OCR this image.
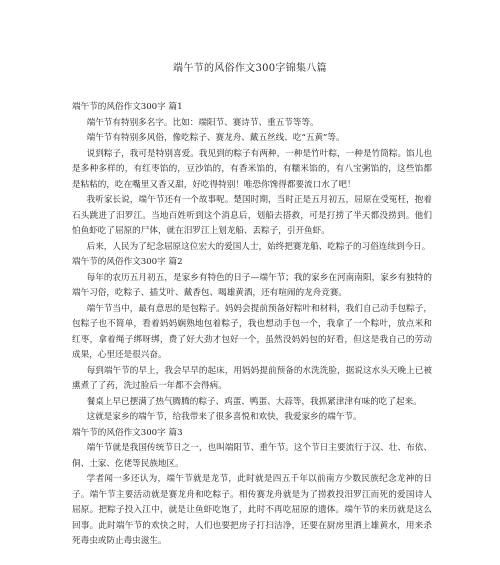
端午节的风俗作文300字锦集八篇

端午节的风俗作文300字 篇1

端午节有特别多名字。比如：端阳节、赛诗节、重五节等等。

端午节有特别多风俗，像吃粽子、赛龙舟、戴五丝线、吃“五黄”等。

说到粽子，我可是特别喜爱。我见到的粽子有两种，一种是竹叶粽，一种是竹筒粽。馅儿也是多种多样的，有红枣馅的，豆沙馅的，有香米馅的，有糯米馅的，有八宝粥馅的，这些馅都是粘粘的，吃在嘴里又香又甜，好吃得特别！唯恐你馋得都要流口水了吧！

我听家长说，端午节还有一个故事呢。楚国时期，当时正是五月初五，屈原在受冤枉，抱着石头跳进了汨罗江。当地百姓听到这个消息后，划船去搭救，可是打捞了半天都没捞到。他们怕鱼虾吃了屈原的尸体，就在汨罗江上划龙船、丢粽子，引开鱼虾。

后来，人民为了纪念屈原这位宏大的爱国人士，始终把赛龙船、吃粽子的习俗连续到今日。

端午节的风俗作文300字 篇2

每年的农历五月初五，是家乡有特色的日子—端午节；我的家乡在河南南阳，家乡有独特的端午习俗，吃粽子、插艾叶、戴香包、喝雄黄酒，还有喧闹的龙舟竞赛。

端午节当中，最有意思的是包粽子。妈妈会提前预备好粽叶和材料，我们自己动手包粽子，包粽子也不简单，看着妈妈娴熟地包着粽子，我也想动手包一个，我拿了一个粽叶，放点米和红枣，拿着绳子绑呀绑，费了好大劲才包好一个，虽然没妈妈包的好看，但这是我自己的劳动成果，心里还是很兴奋。

每到端午节的早上，我会早早的起床，用妈妈提前预备的水洗洗脸，据说这水头天晚上已被熏煮了了药，洗过脸后一年都不会得病。

餐桌上早已摆满了热气腾腾的粽子、鸡蛋、鸭蛋、大蒜等，我抓紧津津有味的吃了起来。

这就是家乡的端午节，给我带来了很多喜悦和欢快，我爱家乡的端午节。

端午节的风俗作文300字 篇3

端午节就是我国传统节日之一，也叫端阳节、重午节。这个节日主要流行于汉、壮、布依、侗、土家、仡佬等民族地区。

学者闻一多还认为，端午节就是龙节，此时就是四五千年以前南方少数民族纪念龙神的日子。端午节主要活动就是赛龙舟和吃粽子。相传赛龙舟就是为了捞救投汨罗江而死的爱国诗人屈原。把粽子投入江中，就是让鱼虾吃饱了，此时不再吃屈原的遗体。端午节的来历就是这么回事。此时端午节的欢快之时，人们也要把房子打扫洁净，还要在厨房里洒上雄黄水，用来杀死毒虫或防止毒虫滋生。
